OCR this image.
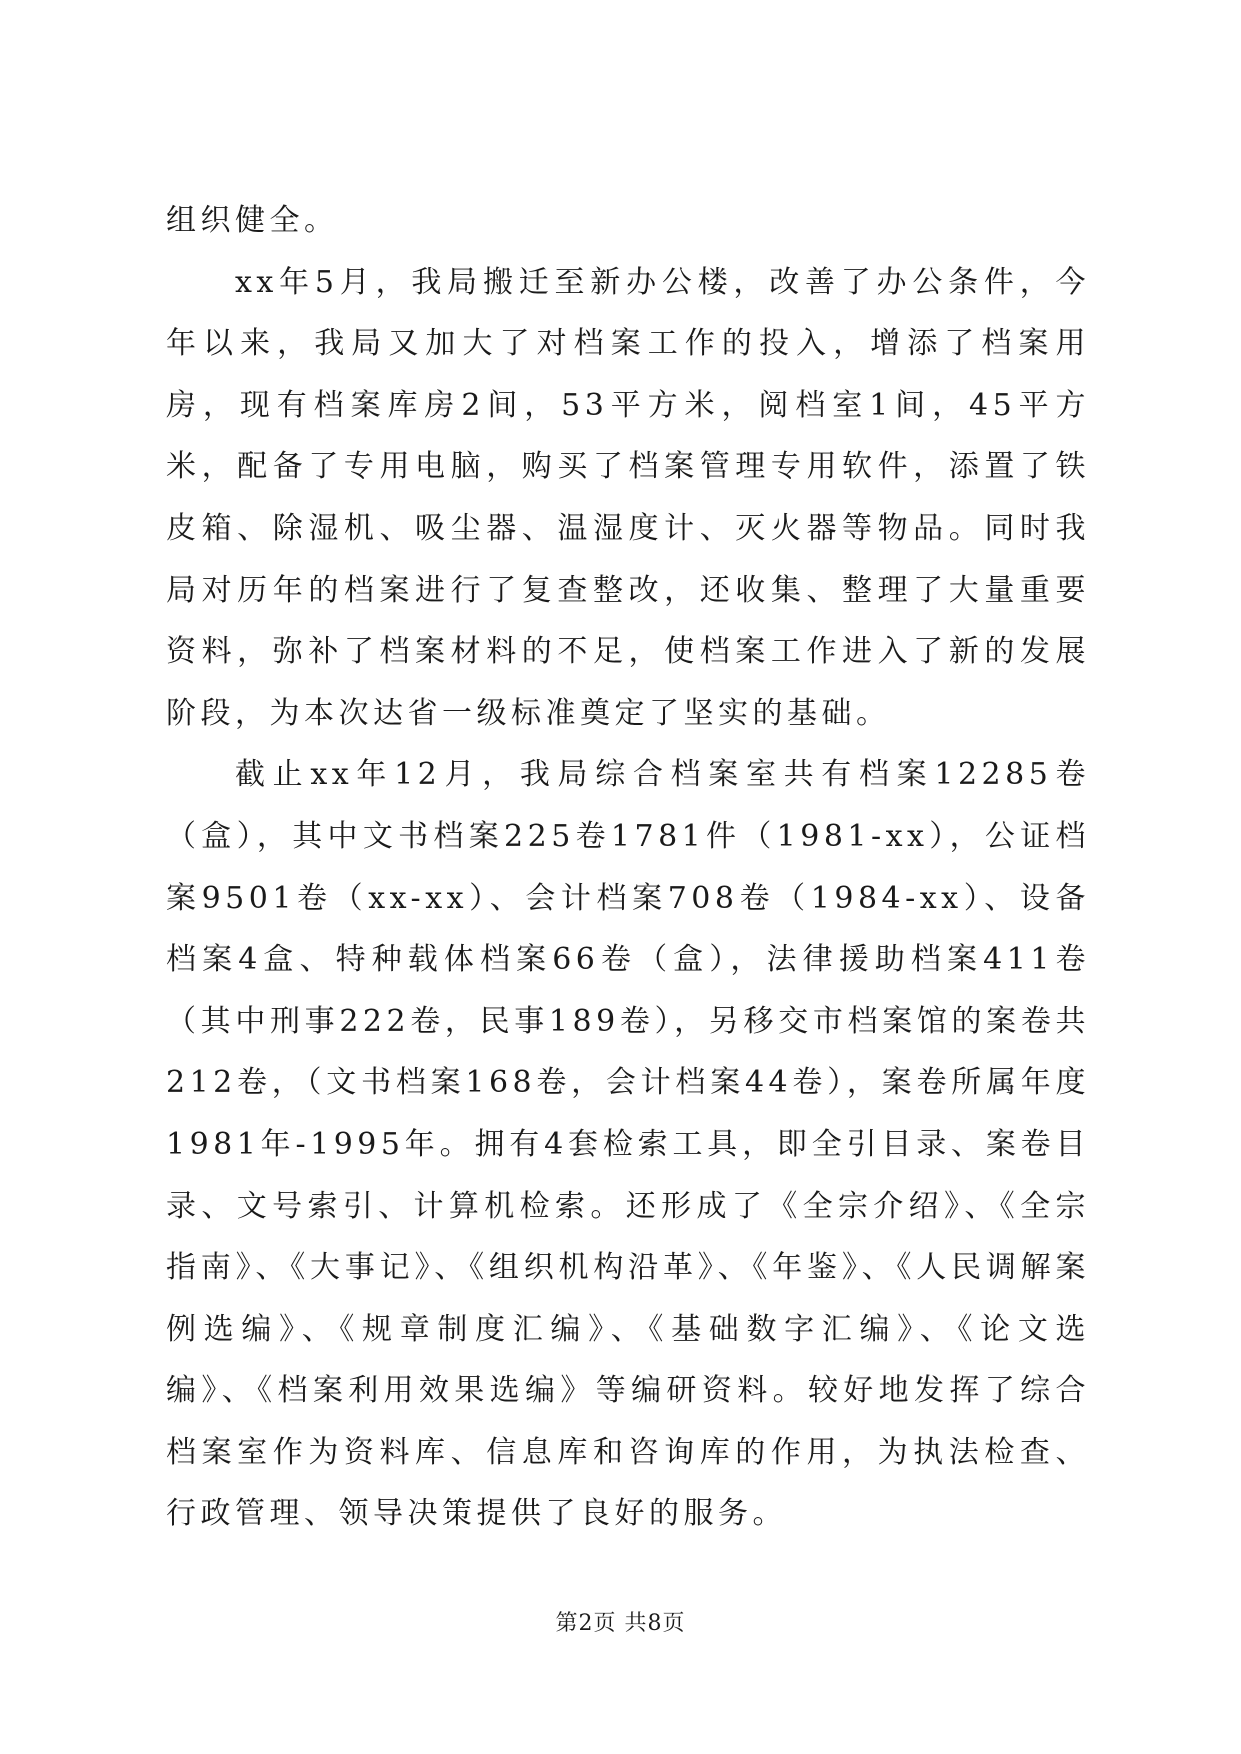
组织健全。

xx年5月，我局搬迁至新办公楼，改善了办公条件，今年以来，我局又加大了对档案工作的投入，增添了档案用房，现有档案库房2间，53平方米，阅档室1间，45平方米，配备了专用电脑，购买了档案管理专用软件，添置了铁皮箱、除湿机、吸尘器、温湿度计、灭火器等物品。同时我局对历年的档案进行了复查整改，还收集、整理了大量重要资料，弥补了档案材料的不足，使档案工作进入了新的发展阶段，为本次达省一级标准奠定了坚实的基础。

截止xx年12月，我局综合档案室共有档案12285卷（盒），其中文书档案225卷1781件（1981-xx），公证档案9501卷（xx-xx）、会计档案708卷（1984-xx）、设备档案4盒、特种载体档案66卷（盒），法律援助档案411卷（其中刑事222卷，民事189卷），另移交市档案馆的案卷共212卷，（文书档案168卷，会计档案44卷），案卷所属年度1981年-1995年。拥有4套检索工具，即全引目录、案卷目录、文号索引、计算机检索。还形成了《全宗介绍》、《全宗指南》、《大事记》、《组织机构沿革》、《年鉴》、《人民调解案例选编》、《规章制度汇编》、《基础数字汇编》、《论文选编》、《档案利用效果选编》等编研资料。较好地发挥了综合档案室作为资料库、信息库和咨询库的作用，为执法检查、行政管理、领导决策提供了良好的服务。

第2页 共8页
